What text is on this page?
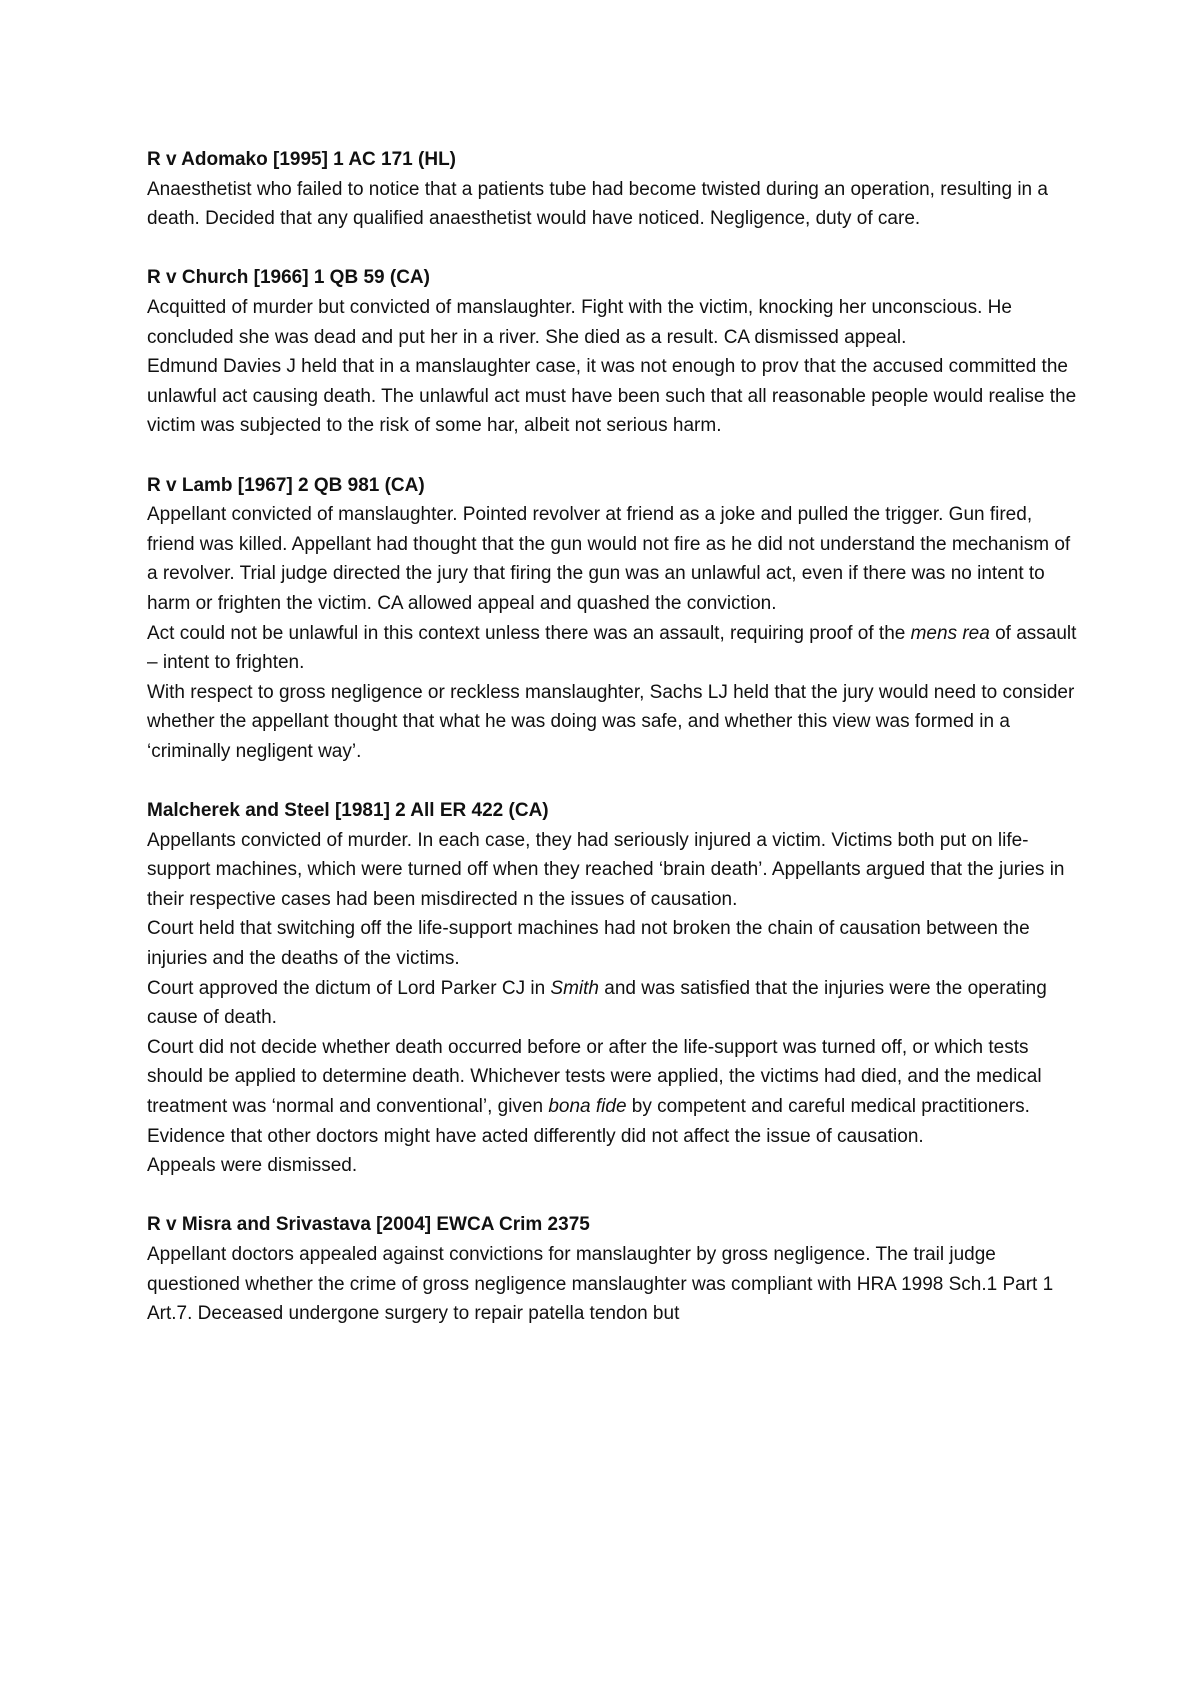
R v Adomako [1995] 1 AC 171 (HL)

Anaesthetist who failed to notice that a patients tube had become twisted during an operation, resulting in a death. Decided that any qualified anaesthetist would have noticed. Negligence, duty of care.

R v Church [1966] 1 QB 59 (CA)

Acquitted of murder but convicted of manslaughter. Fight with the victim, knocking her unconscious. He concluded she was dead and put her in a river. She died as a result. CA dismissed appeal.

Edmund Davies J held that in a manslaughter case, it was not enough to prov that the accused committed the unlawful act causing death. The unlawful act must have been such that all reasonable people would realise the victim was subjected to the risk of some har, albeit not serious harm.

R v Lamb [1967] 2 QB 981 (CA)

Appellant convicted of manslaughter. Pointed revolver at friend as a joke and pulled the trigger. Gun fired, friend was killed. Appellant had thought that the gun would not fire as he did not understand the mechanism of a revolver. Trial judge directed the jury that firing the gun was an unlawful act, even if there was no intent to harm or frighten the victim. CA allowed appeal and quashed the conviction.

Act could not be unlawful in this context unless there was an assault, requiring proof of the mens rea of assault – intent to frighten.

With respect to gross negligence or reckless manslaughter, Sachs LJ held that the jury would need to consider whether the appellant thought that what he was doing was safe, and whether this view was formed in a ‘criminally negligent way’.

Malcherek and Steel [1981] 2 All ER 422 (CA)

Appellants convicted of murder. In each case, they had seriously injured a victim. Victims both put on life-support machines, which were turned off when they reached ‘brain death’. Appellants argued that the juries in their respective cases had been misdirected n the issues of causation.

Court held that switching off the life-support machines had not broken the chain of causation between the injuries and the deaths of the victims.

Court approved the dictum of Lord Parker CJ in Smith and was satisfied that the injuries were the operating cause of death.

Court did not decide whether death occurred before or after the life-support was turned off, or which tests should be applied to determine death. Whichever tests were applied, the victims had died, and the medical treatment was ‘normal and conventional’, given bona fide by competent and careful medical practitioners.

Evidence that other doctors might have acted differently did not affect the issue of causation.

Appeals were dismissed.

R v Misra and Srivastava [2004] EWCA Crim 2375

Appellant doctors appealed against convictions for manslaughter by gross negligence. The trail judge questioned whether the crime of gross negligence manslaughter was compliant with HRA 1998 Sch.1 Part 1 Art.7. Deceased undergone surgery to repair patella tendon but
